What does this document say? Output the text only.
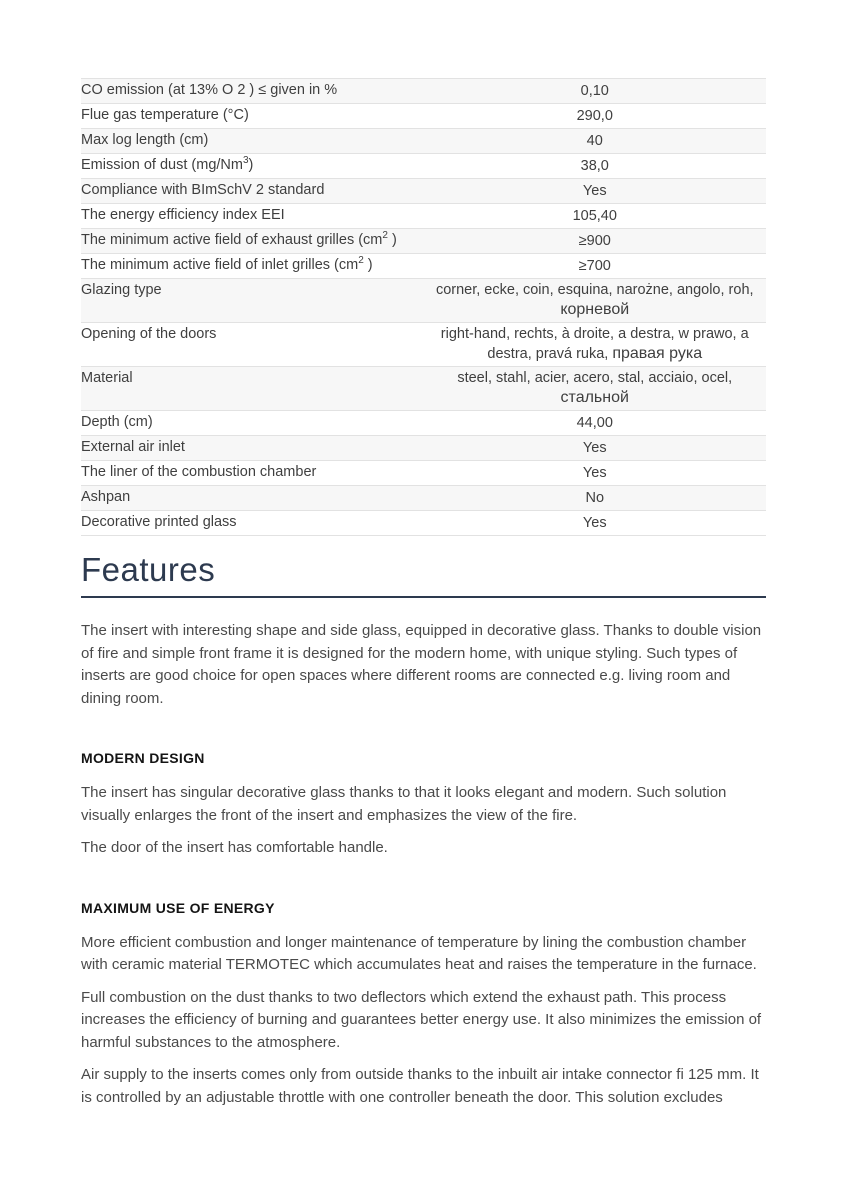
CO emission (at 13% O 2 ) ≤ given in %	0,10
Flue gas temperature (°C)	290,0
Max log length (cm)	40
Emission of dust (mg/Nm$^3$)	38,0
Compliance with BImSchV 2 standard	Yes
The energy efficiency index EEI	105,40
The minimum active field of exhaust grilles ($cm^2$ )	≥900
The minimum active field of inlet grilles ($cm^2$ )	≥700
Glazing type	corner, ecke, coin, esquina, narożne, angolo, roh, корневой
Opening of the doors	right-hand, rechts, à droite, a destra, w prawo, a destra, pravá ruka, правая рука
Material	steel, stahl, acier, acero, stal, acciaio, ocel, стальной
Depth (cm)	44,00
External air inlet	Yes
The liner of the combustion chamber	Yes
Ashpan	No
Decorative printed glass	Yes
Features

The insert with interesting shape and side glass, equipped in decorative glass. Thanks to double vision of fire and simple front frame it is designed for the modern home, with unique styling. Such types of inserts are good choice for open spaces where different rooms are connected e.g. living room and dining room.

MODERN DESIGN

The insert has singular decorative glass thanks to that it looks elegant and modern. Such solution visually enlarges the front of the insert and emphasizes the view of the fire.

The door of the insert has comfortable handle.

MAXIMUM USE OF ENERGY

More efficient combustion and longer maintenance of temperature by lining the combustion chamber with ceramic material TERMOTEC which accumulates heat and raises the temperature in the furnace.

Full combustion on the dust thanks to two deflectors which extend the exhaust path. This process increases the efficiency of burning and guarantees better energy use. It also minimizes the emission of harmful substances to the atmosphere.

Air supply to the inserts comes only from outside thanks to the inbuilt air intake connector fi 125 mm. It is controlled by an adjustable throttle with one controller beneath the door. This solution excludes
